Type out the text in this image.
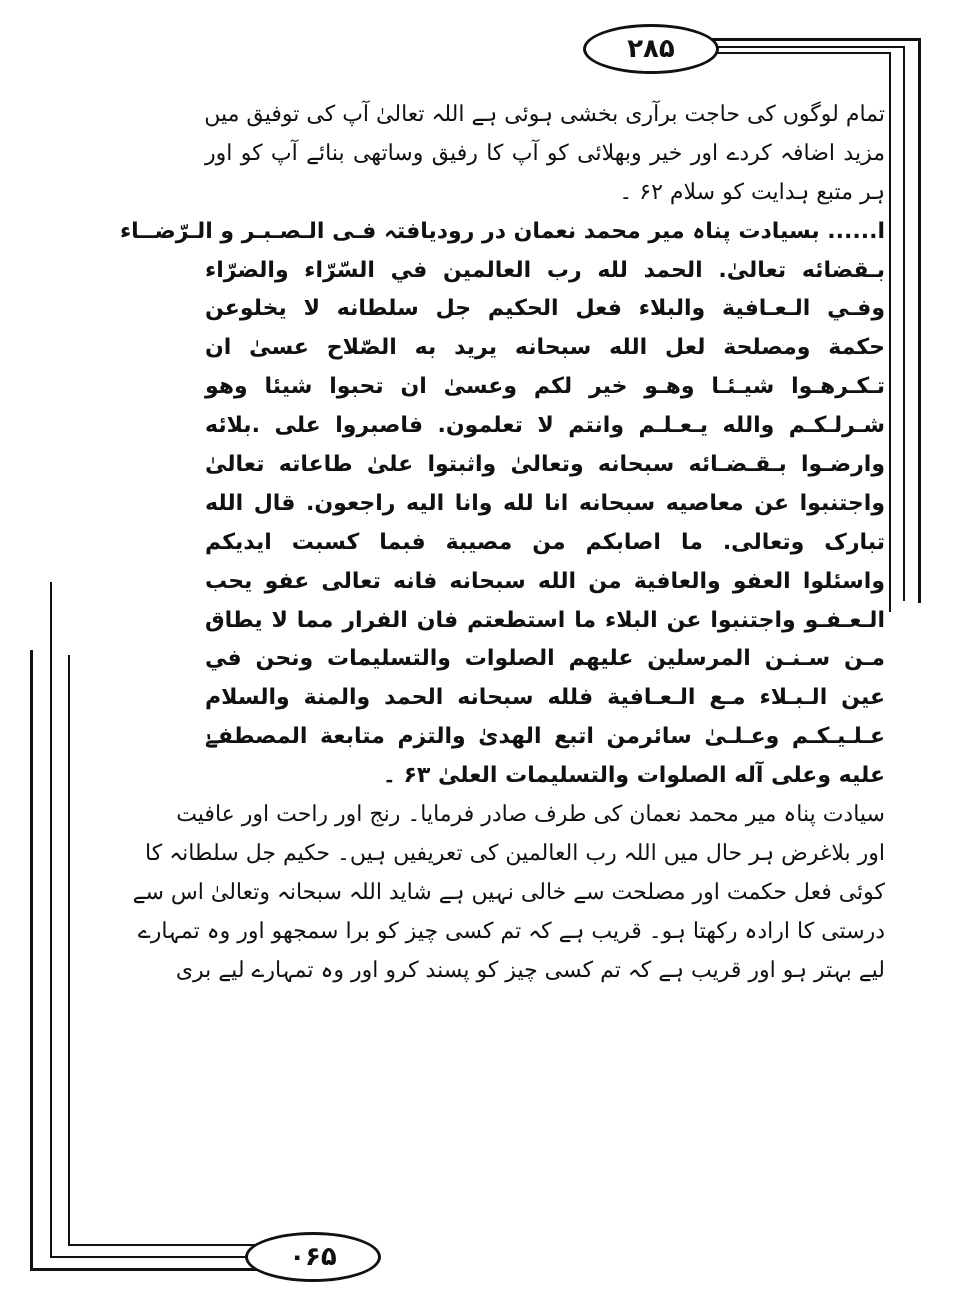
۲۸۵
۰۶۵
تمام لوگوں کی حاجت برآری بخشی ہوئی ہے اللہ تعالیٰ آپ کی توفیق میں
مزید اضافہ کردے اور خیر وبھلائی کو آپ کا رفیق وساتھی بنائے آپ کو اور
ہر متبع ہدایت کو سلام ۶۲ ۔
ا...... بسیادت پناہ میر محمد نعمان در رودیافتہ فـی الـصـبـر و الـرّضــاء
بـقضائه تعالیٰ. الحمد لله رب العالمین في السّرّاء والضرّاء
وفـي الـعـافیة والبلاء فعل الحکیم جل سلطانه لا یخلوعن
حکمة ومصلحة لعل الله سبحانه یرید به الصّلاح عسیٰ ان
تـکـرهـوا شیـئـا وهـو خیر لکم وعسیٰ ان تحبوا شیئا وهو
شـرلـکـم والله یـعـلـم وانتم لا تعلمون. فاصبروا علی .بلائه
وارضـوا بـقـضـائه سبحانه وتعالیٰ واثبتوا علیٰ طاعاته تعالیٰ
واجتنبوا عن معاصیه سبحانه انا لله وانا الیه راجعون. قال الله
تبارک وتعالی. ما اصابکم من مصیبة فبما کسبت ایدیکم
واسئلوا العفو والعافیة من الله سبحانه فانه تعالی عفو یحب
الـعـفـو واجتنبوا عن البلاء ما استطعتم فان الفرار مما لا یطاق
مـن سـنـن المرسلین علیهم الصلوات والتسلیمات ونحن في
عین الـبـلاء مـع الـعـافیة فلله سبحانه الحمد والمنة والسلام
عـلـیـکـم وعـلـیٰ سائرمن اتبع الهدیٰ والتزم متابعة المصطفےٰ
علیه وعلی آله الصلوات والتسلیمات العلیٰ ۶۳ ۔
سیادت پناہ میر محمد نعمان کی طرف صادر فرمایا۔ رنج اور راحت اور عافیت
اور بلاغرض ہر حال میں اللہ رب العالمین کی تعریفیں ہیں۔ حکیم جل سلطانہ کا
کوئی فعل حکمت اور مصلحت سے خالی نہیں ہے شاید اللہ سبحانہ وتعالیٰ اس سے
درستی کا ارادہ رکھتا ہو۔ قریب ہے کہ تم کسی چیز کو برا سمجھو اور وہ تمہارے
لیے بہتر ہو اور قریب ہے کہ تم کسی چیز کو پسند کرو اور وہ تمہارے لیے بری
